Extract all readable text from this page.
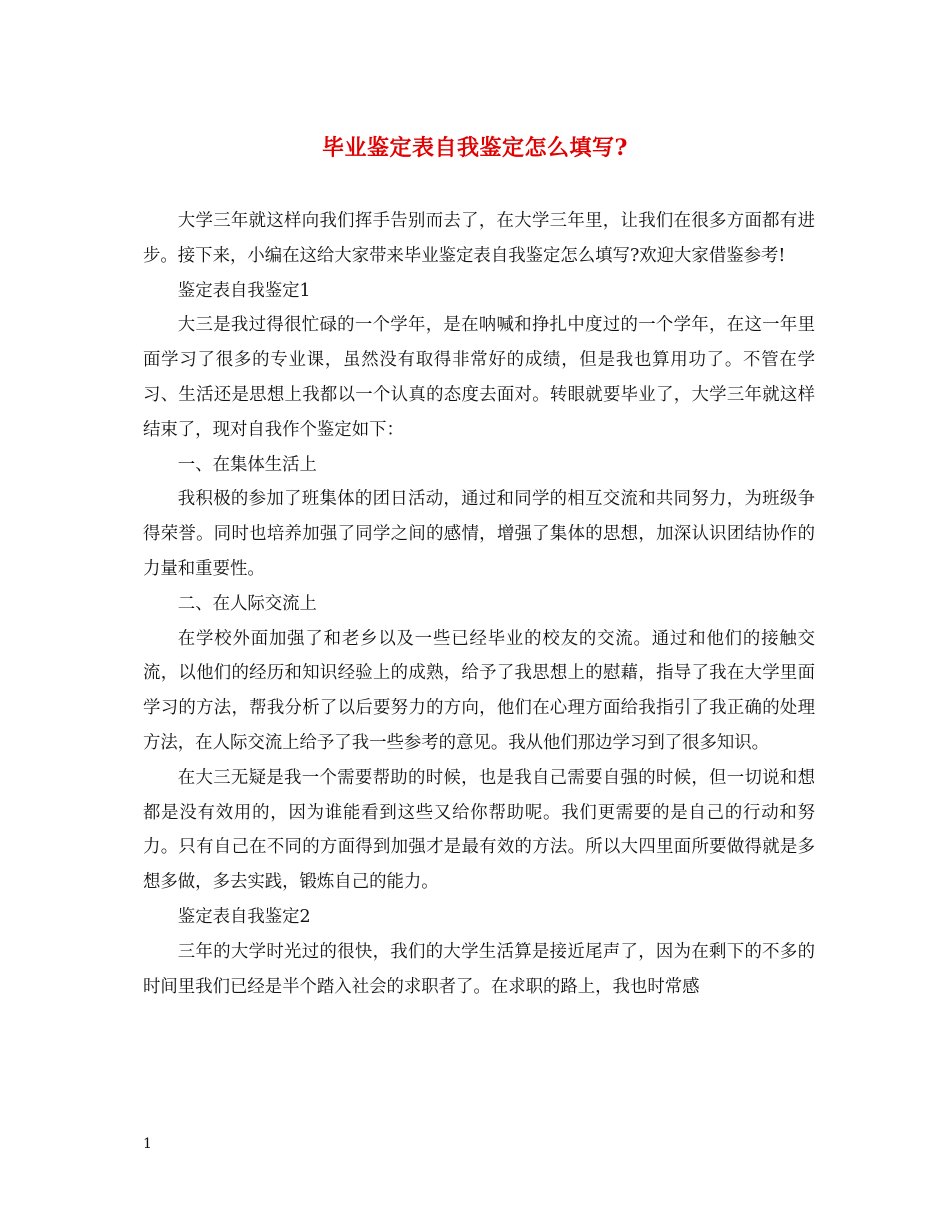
毕业鉴定表自我鉴定怎么填写?

大学三年就这样向我们挥手告别而去了，在大学三年里，让我们在很多方面都有进步。接下来，小编在这给大家带来毕业鉴定表自我鉴定怎么填写?欢迎大家借鉴参考!

鉴定表自我鉴定1

大三是我过得很忙碌的一个学年，是在呐喊和挣扎中度过的一个学年，在这一年里面学习了很多的专业课，虽然没有取得非常好的成绩，但是我也算用功了。不管在学习、生活还是思想上我都以一个认真的态度去面对。转眼就要毕业了，大学三年就这样结束了，现对自我作个鉴定如下：

一、在集体生活上

我积极的参加了班集体的团日活动，通过和同学的相互交流和共同努力，为班级争得荣誉。同时也培养加强了同学之间的感情，增强了集体的思想，加深认识团结协作的力量和重要性。

二、在人际交流上

在学校外面加强了和老乡以及一些已经毕业的校友的交流。通过和他们的接触交流，以他们的经历和知识经验上的成熟，给予了我思想上的慰藉，指导了我在大学里面学习的方法，帮我分析了以后要努力的方向，他们在心理方面给我指引了我正确的处理方法，在人际交流上给予了我一些参考的意见。我从他们那边学习到了很多知识。

在大三无疑是我一个需要帮助的时候，也是我自己需要自强的时候，但一切说和想都是没有效用的，因为谁能看到这些又给你帮助呢。我们更需要的是自己的行动和努力。只有自己在不同的方面得到加强才是最有效的方法。所以大四里面所要做得就是多想多做，多去实践，锻炼自己的能力。

鉴定表自我鉴定2

三年的大学时光过的很快，我们的大学生活算是接近尾声了，因为在剩下的不多的时间里我们已经是半个踏入社会的求职者了。在求职的路上，我也时常感

1
